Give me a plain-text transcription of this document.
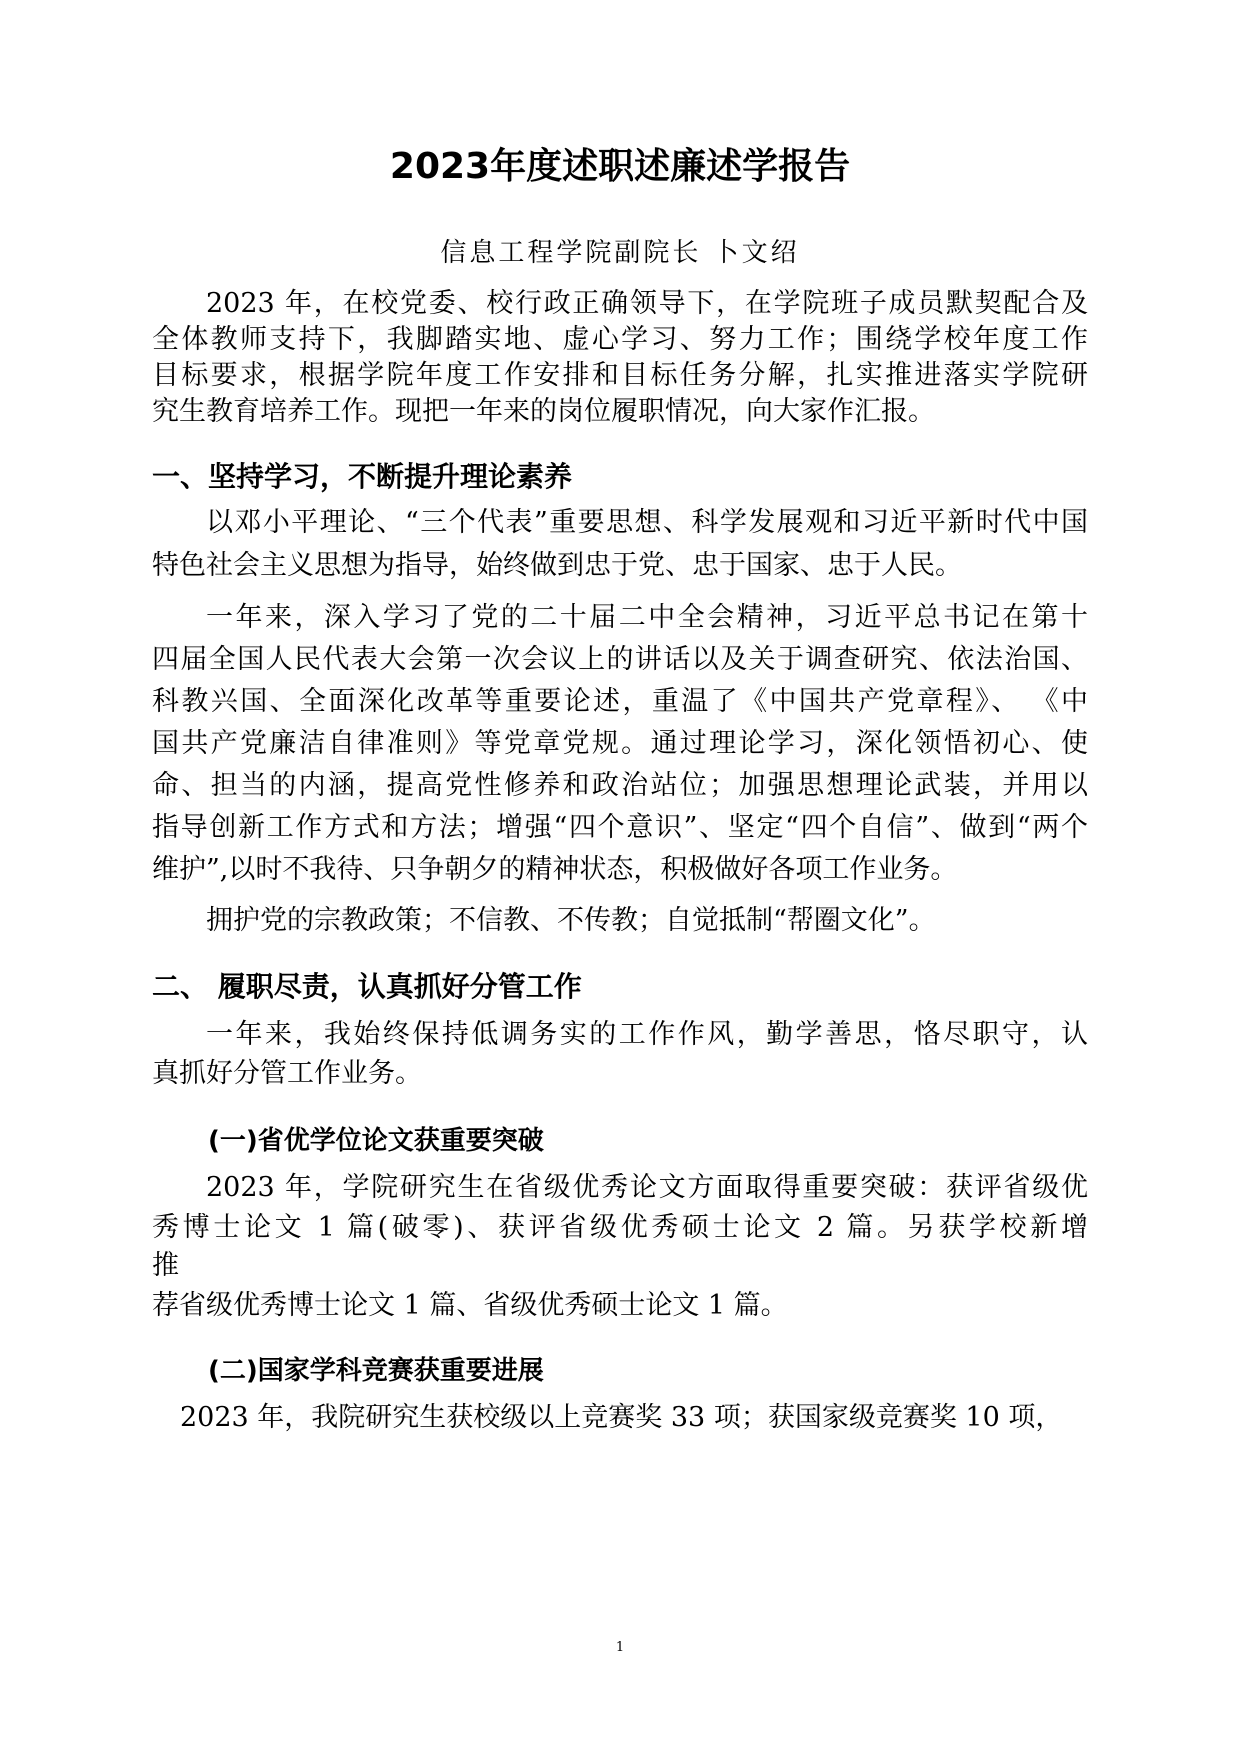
2023年度述职述廉述学报告
信息工程学院副院长 卜文绍
2023 年，在校党委、校行政正确领导下，在学院班子成员默契配合及
全体教师支持下，我脚踏实地、虚心学习、努力工作；围绕学校年度工作
目标要求，根据学院年度工作安排和目标任务分解，扎实推进落实学院研
究生教育培养工作。现把一年来的岗位履职情况，向大家作汇报。
一、坚持学习，不断提升理论素养
以邓小平理论、“三个代表”重要思想、科学发展观和习近平新时代中国
特色社会主义思想为指导，始终做到忠于党、忠于国家、忠于人民。
一年来，深入学习了党的二十届二中全会精神，习近平总书记在第十
四届全国人民代表大会第一次会议上的讲话以及关于调查研究、依法治国、
科教兴国、全面深化改革等重要论述，重温了《中国共产党章程》、 《中
国共产党廉洁自律准则》等党章党规。通过理论学习，深化领悟初心、使
命、担当的内涵，提高党性修养和政治站位；加强思想理论武装，并用以
指导创新工作方式和方法；增强“四个意识”、坚定“四个自信”、做到“两个
维护”,以时不我待、只争朝夕的精神状态，积极做好各项工作业务。
拥护党的宗教政策；不信教、不传教；自觉抵制“帮圈文化”。
二、 履职尽责，认真抓好分管工作
一年来，我始终保持低调务实的工作作风，勤学善思，恪尽职守，认
真抓好分管工作业务。
(一)省优学位论文获重要突破
2023 年，学院研究生在省级优秀论文方面取得重要突破：获评省级优
秀博士论文 1 篇(破零)、获评省级优秀硕士论文 2 篇。另获学校新增
推
荐省级优秀博士论文 1 篇、省级优秀硕士论文 1 篇。
(二)国家学科竞赛获重要进展
2023 年，我院研究生获校级以上竞赛奖 33 项；获国家级竞赛奖 10 项，
1
